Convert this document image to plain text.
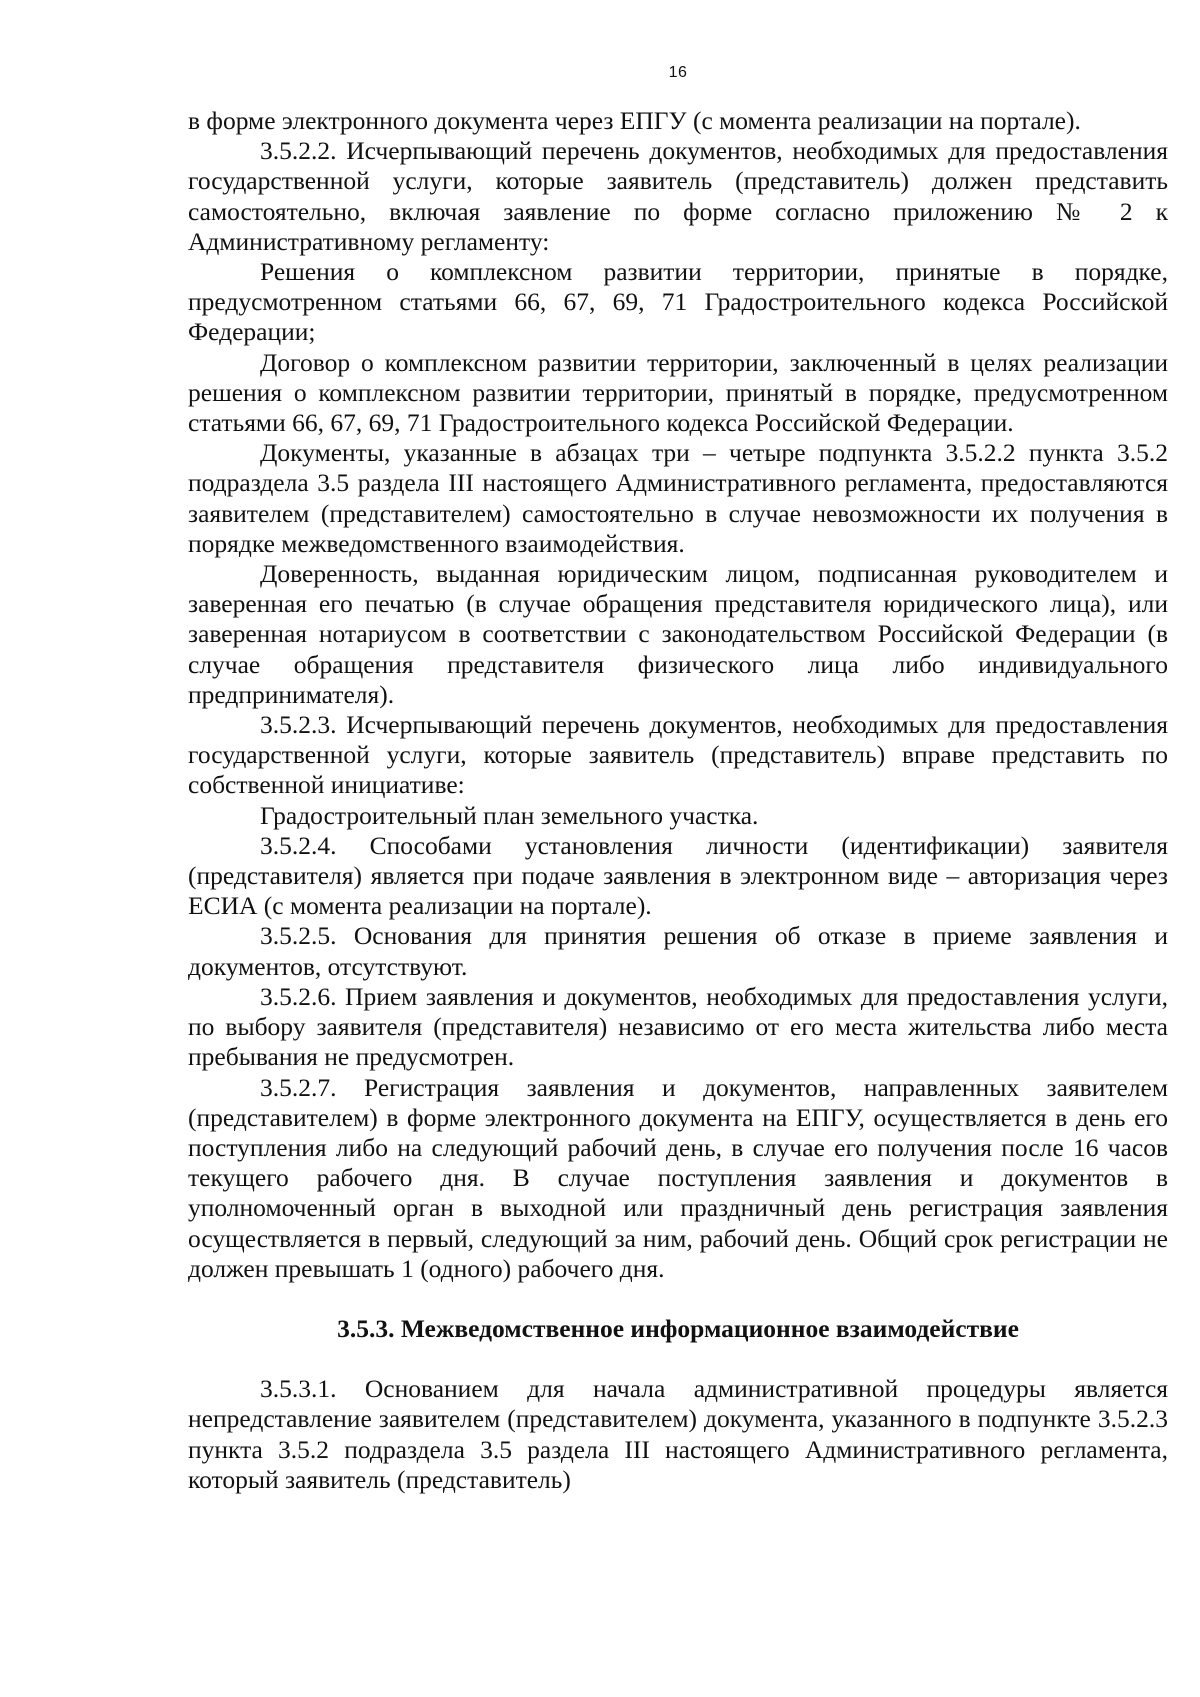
16

в форме электронного документа через ЕПГУ (с момента реализации на портале).

3.5.2.2. Исчерпывающий перечень документов, необходимых для предоставления государственной услуги, которые заявитель (представитель) должен представить самостоятельно, включая заявление по форме согласно приложению № 2 к Административному регламенту:

Решения о комплексном развитии территории, принятые в порядке, предусмотренном статьями 66, 67, 69, 71 Градостроительного кодекса Российской Федерации;

Договор о комплексном развитии территории, заключенный в целях реализации решения о комплексном развитии территории, принятый в порядке, предусмотренном статьями 66, 67, 69, 71 Градостроительного кодекса Российской Федерации.

Документы, указанные в абзацах три – четыре подпункта 3.5.2.2 пункта 3.5.2 подраздела 3.5 раздела III настоящего Административного регламента, предоставляются заявителем (представителем) самостоятельно в случае невозможности их получения в порядке межведомственного взаимодействия.

Доверенность, выданная юридическим лицом, подписанная руководителем и заверенная его печатью (в случае обращения представителя юридического лица), или заверенная нотариусом в соответствии с законодательством Российской Федерации (в случае обращения представителя физического лица либо индивидуального предпринимателя).

3.5.2.3. Исчерпывающий перечень документов, необходимых для предоставления государственной услуги, которые заявитель (представитель) вправе представить по собственной инициативе:

Градостроительный план земельного участка.

3.5.2.4. Способами установления личности (идентификации) заявителя (представителя) является при подаче заявления в электронном виде – авторизация через ЕСИА (с момента реализации на портале).

3.5.2.5. Основания для принятия решения об отказе в приеме заявления и документов, отсутствуют.

3.5.2.6. Прием заявления и документов, необходимых для предоставления услуги, по выбору заявителя (представителя) независимо от его места жительства либо места пребывания не предусмотрен.

3.5.2.7. Регистрация заявления и документов, направленных заявителем (представителем) в форме электронного документа на ЕПГУ, осуществляется в день его поступления либо на следующий рабочий день, в случае его получения после 16 часов текущего рабочего дня. В случае поступления заявления и документов в уполномоченный орган в выходной или праздничный день регистрация заявления осуществляется в первый, следующий за ним, рабочий день. Общий срок регистрации не должен превышать 1 (одного) рабочего дня.

3.5.3. Межведомственное информационное взаимодействие

3.5.3.1. Основанием для начала административной процедуры является непредставление заявителем (представителем) документа, указанного в подпункте 3.5.2.3 пункта 3.5.2 подраздела 3.5 раздела III настоящего Административного регламента, который заявитель (представитель)
